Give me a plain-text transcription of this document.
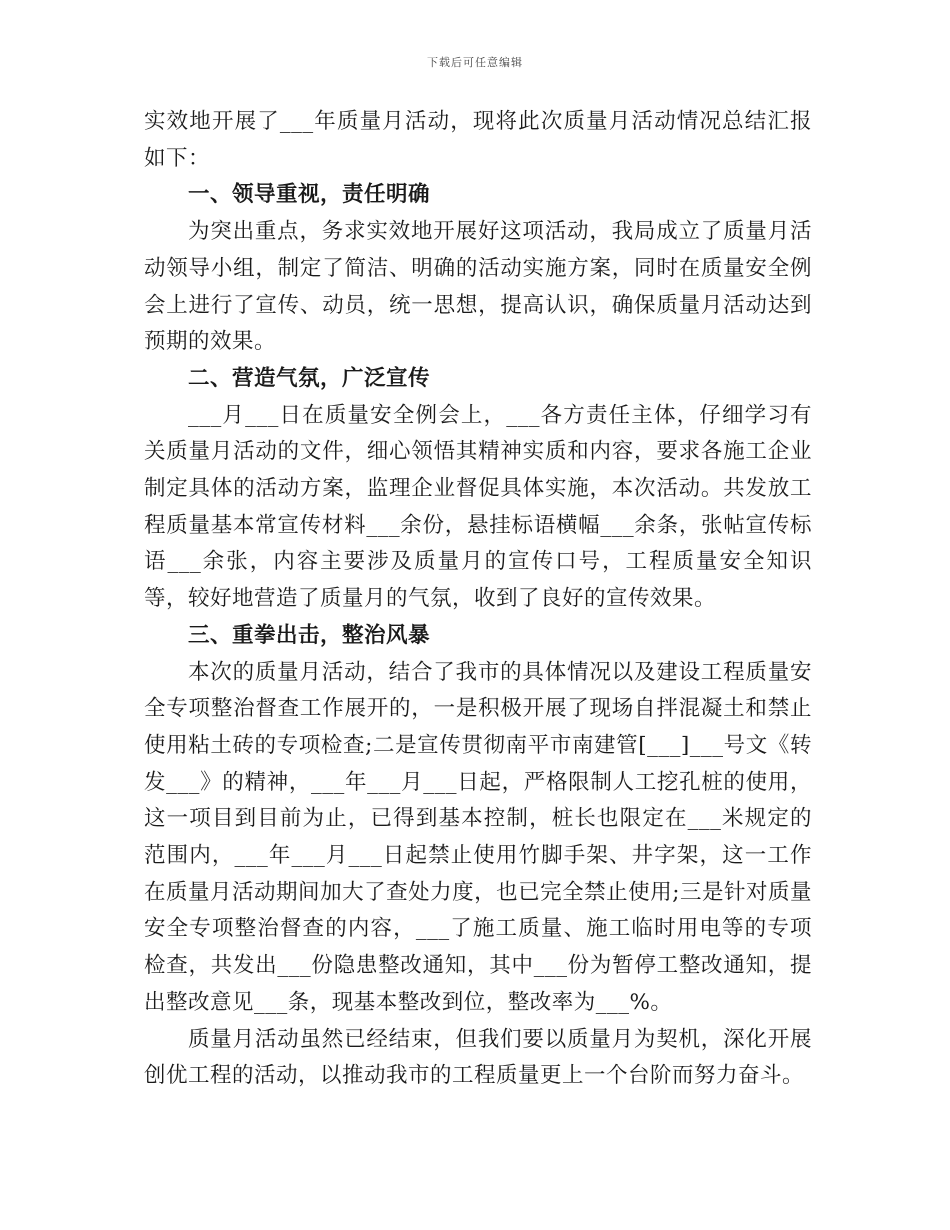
下载后可任意编辑

实效地开展了___年质量月活动，现将此次质量月活动情况总结汇报如下：

一、领导重视，责任明确

为突出重点，务求实效地开展好这项活动，我局成立了质量月活动领导小组，制定了简洁、明确的活动实施方案，同时在质量安全例会上进行了宣传、动员，统一思想，提高认识，确保质量月活动达到预期的效果。

二、营造气氛，广泛宣传

___月___日在质量安全例会上，___各方责任主体，仔细学习有关质量月活动的文件，细心领悟其精神实质和内容，要求各施工企业制定具体的活动方案，监理企业督促具体实施，本次活动。共发放工程质量基本常宣传材料___余份，悬挂标语横幅___余条，张帖宣传标语___余张，内容主要涉及质量月的宣传口号，工程质量安全知识等，较好地营造了质量月的气氛，收到了良好的宣传效果。

三、重拳出击，整治风暴

本次的质量月活动，结合了我市的具体情况以及建设工程质量安全专项整治督查工作展开的，一是积极开展了现场自拌混凝土和禁止使用粘土砖的专项检查;二是宣传贯彻南平市南建管[___]___号文《转发___》的精神，___年___月___日起，严格限制人工挖孔桩的使用，这一项目到目前为止，已得到基本控制，桩长也限定在___米规定的范围内，___年___月___日起禁止使用竹脚手架、井字架，这一工作在质量月活动期间加大了查处力度，也已完全禁止使用;三是针对质量安全专项整治督查的内容，___了施工质量、施工临时用电等的专项检查，共发出___份隐患整改通知，其中___份为暂停工整改通知，提出整改意见___条，现基本整改到位，整改率为___%。

质量月活动虽然已经结束，但我们要以质量月为契机，深化开展创优工程的活动，以推动我市的工程质量更上一个台阶而努力奋斗。
